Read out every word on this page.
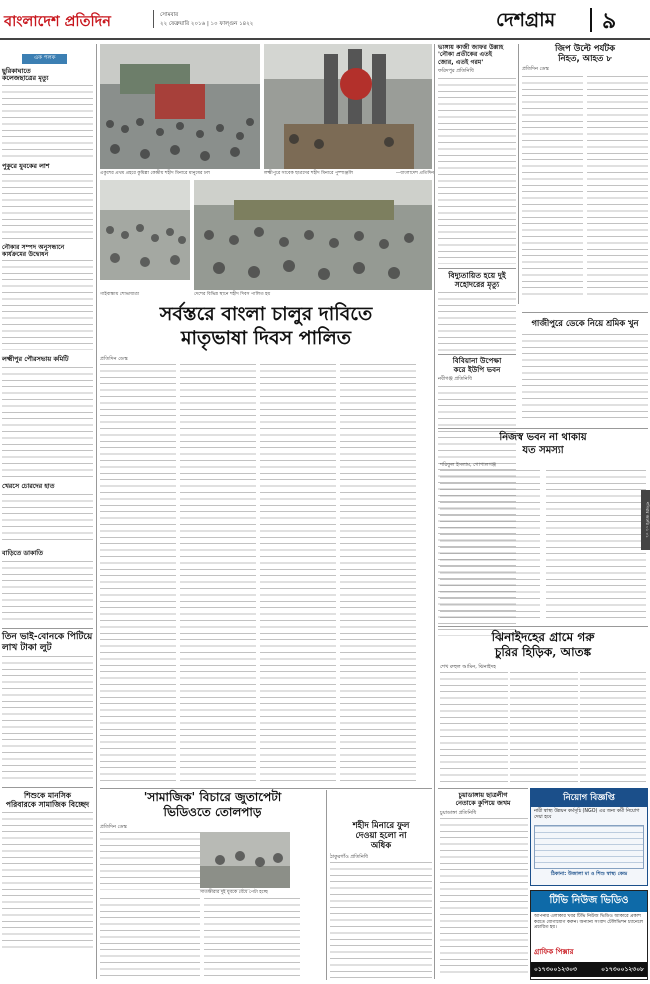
বাংলাদেশ প্রতিদিন	সোমবার
২২ ফেব্রুয়ারি ২০১৬ | ১০ ফাল্গুন ১৪২২	দেশগ্রাম ৯
এক পলক
ছুরিকাঘাতে
কলেজছাত্রের মৃত্যু
পুকুরে যুবকের লাশ
নৌকার সম্পদ অনুসন্ধানে
কার্যক্রমের উদ্বোধন
লক্ষ্মীপুর পৌরসভায় কমিটি
খেরসে চোরদের হাত
বাড়িতে ডাকাতি
তিন ভাই-বোনকে পিটিয়ে
লাখ টাকা লুট
শিশুকে মানসিক
পরিবারকে সামাজিক বিচ্ছেদ
একুশের প্রথম প্রহরে কুমিল্লা কেন্দ্রীয় শহীদ মিনারে মানুষের ঢল	লক্ষ্মীপুরে সাবেক ছাত্রদের শহীদ মিনারে পুষ্পাঞ্জলি	—বাংলাদেশ প্রতিদিন
গাইবান্ধায় শোভাযাত্রা	দেশের বিভিন্ন স্থানে শহীদ দিবস পালিত হয়
সর্বস্তরে বাংলা চালুর দাবিতে
মাতৃভাষা দিবস পালিত
প্রতিদিন ডেস্ক
ভাঙ্গায় কাজী জাফর উল্লাহ
'নৌকা প্রতীকের এতই
জোর, এতই গরম'
ফরিদপুর প্রতিনিধি
বিদ্যুতায়িত হয়ে দুই
সহোদরের মৃত্যু
বিবিয়ানা উপেক্ষা
করে ইউপি ভবন
নবীগঞ্জ প্রতিনিধি
জিপ উল্টে পর্যটক
নিহত, আহত ৮
প্রতিদিন ডেস্ক
গাজীপুরে ডেকে নিয়ে শ্রমিক খুন
নিজস্ব ভবন না থাকায়
যত সমস্যা
শরিফুল ইসলাম, গোপালগঞ্জ
শনিবার জরুরি ০১ ০১
ঝিনাইদহের গ্রামে গরু
চুরির হিড়িক, আতঙ্ক
শেখ রুহুল আমিন, ঝিনাইদহ
'সামাজিক' বিচারে জুতাপেটা
ভিডিওতে তোলপাড়
প্রতিদিন ডেস্ক
সাতক্ষীরার দুই যুবকে বেঁধে পেটা হচ্ছে
শহীদ মিনারে ফুল
দেওয়া হলো না
অধিক
ঠাকুরগাঁও প্রতিনিধি
চুয়াডাঙ্গায় ছাত্রলীগ
নেতাকে কুপিয়ে জখম
চুয়াডাঙ্গা প্রতিনিধি
নিয়োগ বিজ্ঞপ্তি
নারী স্বাস্থ্য উন্নয়ন কর্মসূচি (NGO) এর জন্য কর্মী নিয়োগ দেয়া হবে
ঠিকানা: উজালা মা ও শিশু স্বাস্থ্য কেন্দ্র
টিভি নিউজ ভিডিও
আপনার এলাকার খবর টিভি নিউজ ভিডিও আকারে প্রকাশ করতে যোগাযোগ করুন। অন্যান্য সংবাদ টেলিভিশন চ্যানেলে প্রচারিত হয়।
গ্রাফিক পিক্সার
০১৭৩০০১২৩০৩	০১৭৩০০১২৩০৮
